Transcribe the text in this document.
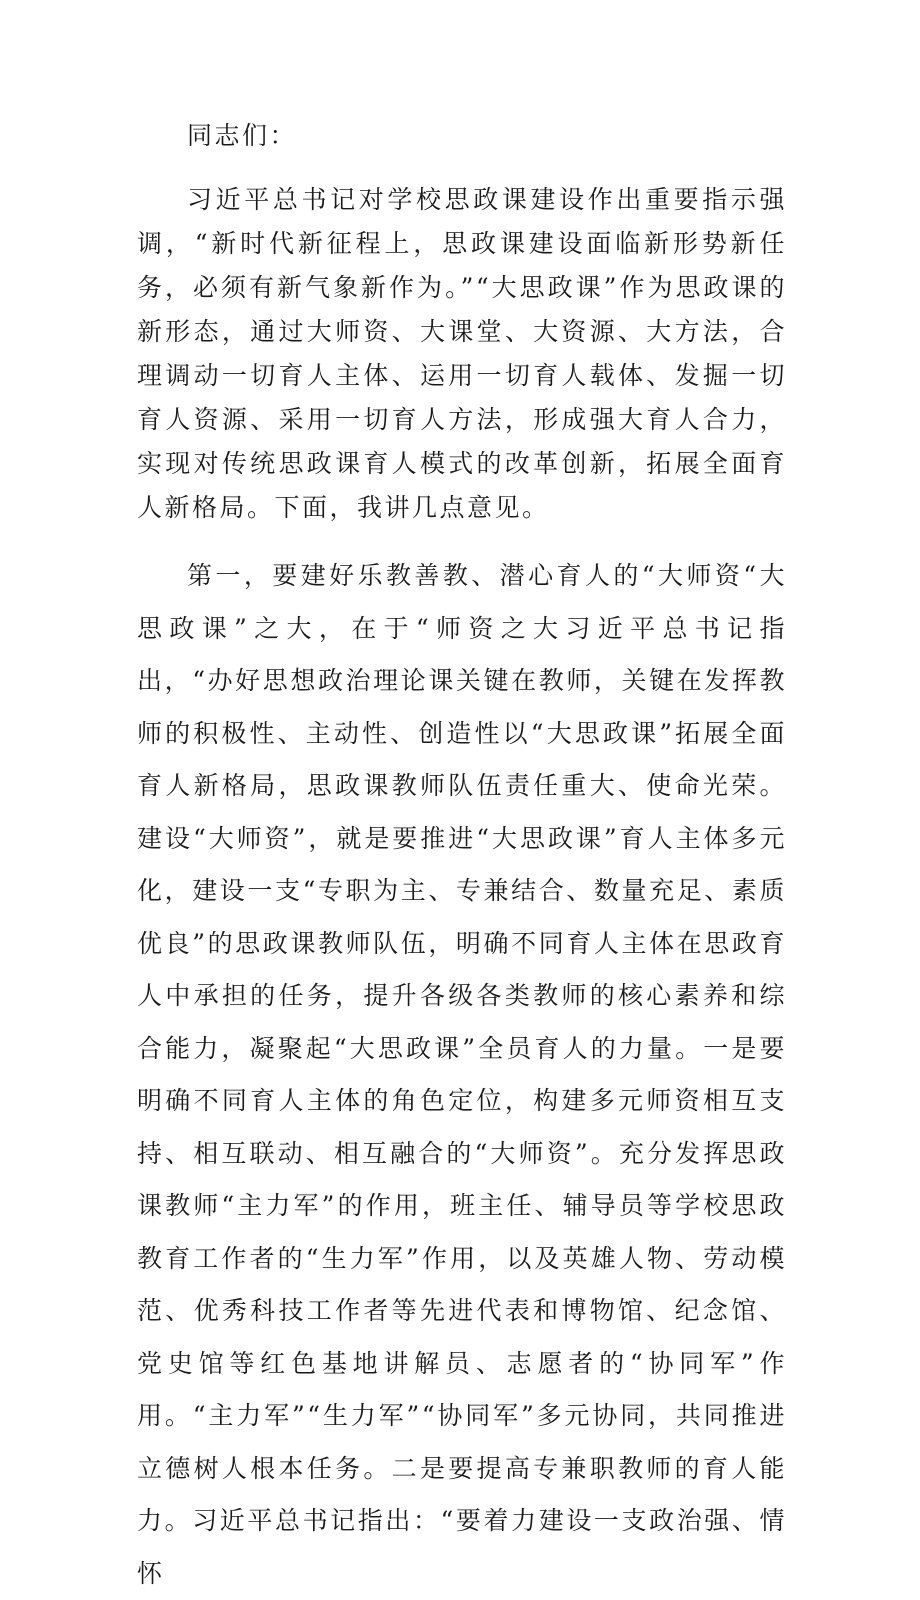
同志们：

习近平总书记对学校思政课建设作出重要指示强调，“新时代新征程上，思政课建设面临新形势新任务，必须有新气象新作为。”“大思政课”作为思政课的新形态，通过大师资、大课堂、大资源、大方法，合理调动一切育人主体、运用一切育人载体、发掘一切育人资源、采用一切育人方法，形成强大育人合力，实现对传统思政课育人模式的改革创新，拓展全面育人新格局。下面，我讲几点意见。

第一，要建好乐教善教、潜心育人的“大师资“大思政课”之大，在于“师资之大习近平总书记指出，“办好思想政治理论课关键在教师，关键在发挥教师的积极性、主动性、创造性以“大思政课”拓展全面育人新格局，思政课教师队伍责任重大、使命光荣。建设“大师资”，就是要推进“大思政课”育人主体多元化，建设一支“专职为主、专兼结合、数量充足、素质优良”的思政课教师队伍，明确不同育人主体在思政育人中承担的任务，提升各级各类教师的核心素养和综合能力，凝聚起“大思政课”全员育人的力量。一是要明确不同育人主体的角色定位，构建多元师资相互支持、相互联动、相互融合的“大师资”。充分发挥思政课教师“主力军”的作用，班主任、辅导员等学校思政教育工作者的“生力军”作用，以及英雄人物、劳动模范、优秀科技工作者等先进代表和博物馆、纪念馆、党史馆等红色基地讲解员、志愿者的“协同军”作用。“主力军”“生力军”“协同军”多元协同，共同推进立德树人根本任务。二是要提高专兼职教师的育人能力。习近平总书记指出：“要着力建设一支政治强、情怀
